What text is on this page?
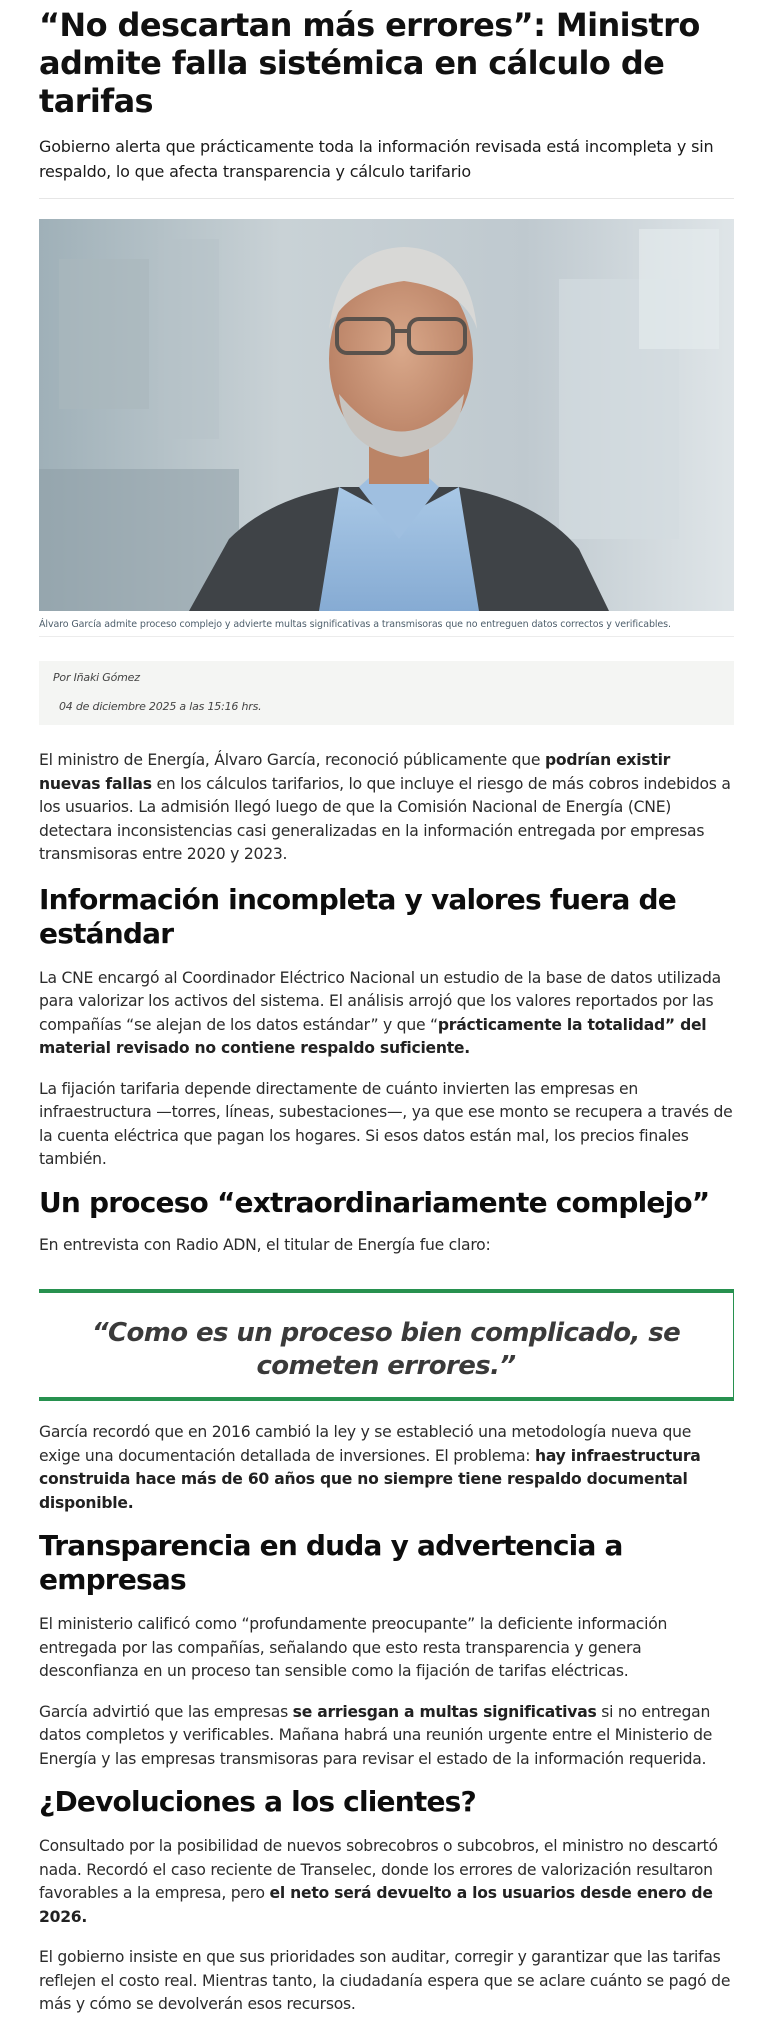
“No descartan más errores”: Ministro admite falla sistémica en cálculo de tarifas

Gobierno alerta que prácticamente toda la información revisada está incompleta y sin respaldo, lo que afecta transparencia y cálculo tarifario

Álvaro García admite proceso complejo y advierte multas significativas a transmisoras que no entreguen datos correctos y verificables.
Por Iñaki Gómez
04 de diciembre 2025 a las 15:16 hrs.

El ministro de Energía, Álvaro García, reconoció públicamente que podrían existir nuevas fallas en los cálculos tarifarios, lo que incluye el riesgo de más cobros indebidos a los usuarios. La admisión llegó luego de que la Comisión Nacional de Energía (CNE) detectara inconsistencias casi generalizadas en la información entregada por empresas transmisoras entre 2020 y 2023.

Información incompleta y valores fuera de estándar

La CNE encargó al Coordinador Eléctrico Nacional un estudio de la base de datos utilizada para valorizar los activos del sistema. El análisis arrojó que los valores reportados por las compañías “se alejan de los datos estándar” y que “prácticamente la totalidad” del material revisado no contiene respaldo suficiente.

La fijación tarifaria depende directamente de cuánto invierten las empresas en infraestructura —torres, líneas, subestaciones—, ya que ese monto se recupera a través de la cuenta eléctrica que pagan los hogares. Si esos datos están mal, los precios finales también.

Un proceso “extraordinariamente complejo”

En entrevista con Radio ADN, el titular de Energía fue claro:

“Como es un proceso bien complicado, se cometen errores.”

García recordó que en 2016 cambió la ley y se estableció una metodología nueva que exige una documentación detallada de inversiones. El problema: hay infraestructura construida hace más de 60 años que no siempre tiene respaldo documental disponible.

Transparencia en duda y advertencia a empresas

El ministerio calificó como “profundamente preocupante” la deficiente información entregada por las compañías, señalando que esto resta transparencia y genera desconfianza en un proceso tan sensible como la fijación de tarifas eléctricas.

García advirtió que las empresas se arriesgan a multas significativas si no entregan datos completos y verificables. Mañana habrá una reunión urgente entre el Ministerio de Energía y las empresas transmisoras para revisar el estado de la información requerida.

¿Devoluciones a los clientes?

Consultado por la posibilidad de nuevos sobrecobros o subcobros, el ministro no descartó nada. Recordó el caso reciente de Transelec, donde los errores de valorización resultaron favorables a la empresa, pero el neto será devuelto a los usuarios desde enero de 2026.

El gobierno insiste en que sus prioridades son auditar, corregir y garantizar que las tarifas reflejen el costo real. Mientras tanto, la ciudadanía espera que se aclare cuánto se pagó de más y cómo se devolverán esos recursos.
